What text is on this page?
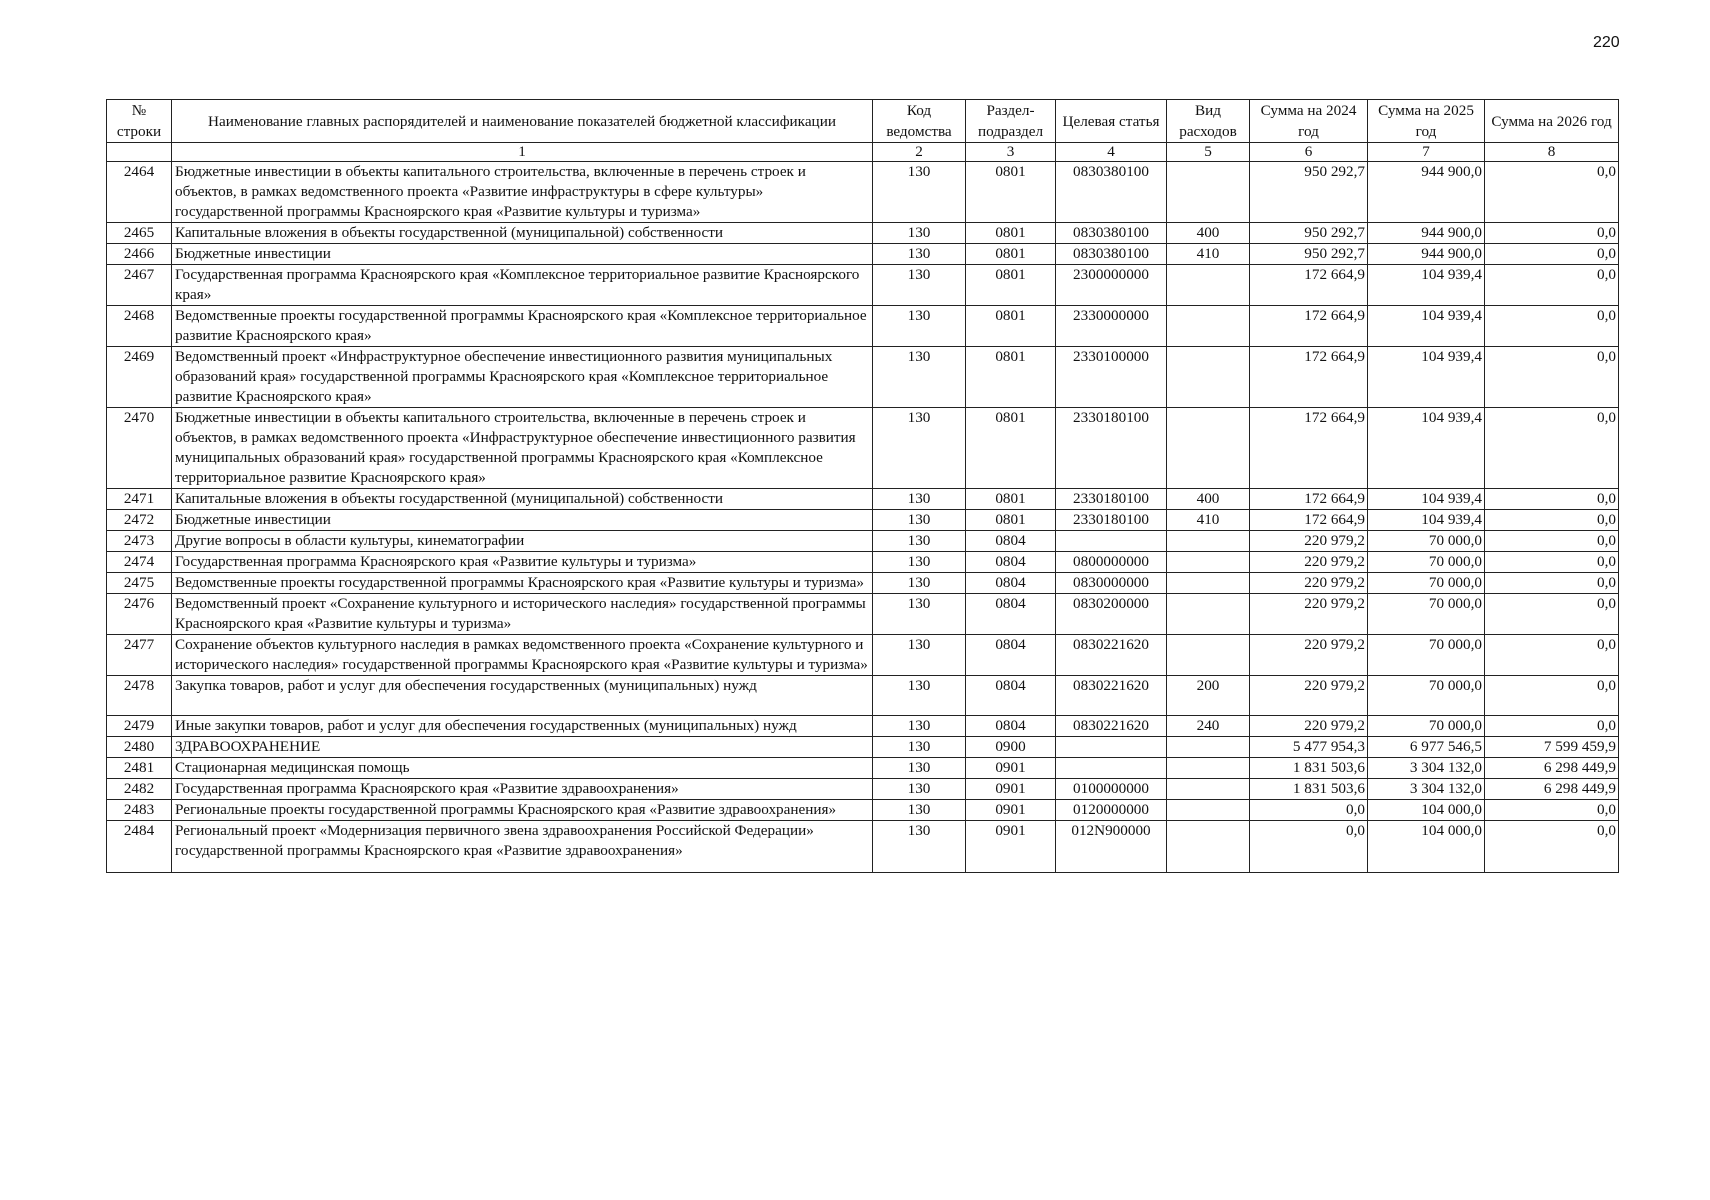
220
№ строки	Наименование главных распорядителей и наименование показателей бюджетной классификации	Код ведомства	Раздел-подраздел	Целевая статья	Вид расходов	Сумма на 2024 год	Сумма на 2025 год	Сумма на 2026 год
	1	2	3	4	5	6	7	8
2464	Бюджетные инвестиции в объекты капитального строительства, включенные в перечень строек и объектов, в рамках ведомственного проекта «Развитие инфраструктуры в сфере культуры» государственной программы Красноярского края «Развитие культуры и туризма»	130	0801	0830380100		950 292,7	944 900,0	0,0
2465	Капитальные вложения в объекты государственной (муниципальной) собственности	130	0801	0830380100	400	950 292,7	944 900,0	0,0
2466	Бюджетные инвестиции	130	0801	0830380100	410	950 292,7	944 900,0	0,0
2467	Государственная программа Красноярского края «Комплексное территориальное развитие Красноярского края»	130	0801	2300000000		172 664,9	104 939,4	0,0
2468	Ведомственные проекты государственной программы Красноярского края «Комплексное территориальное развитие Красноярского края»	130	0801	2330000000		172 664,9	104 939,4	0,0
2469	Ведомственный проект «Инфраструктурное обеспечение инвестиционного развития муниципальных образований края» государственной программы Красноярского края «Комплексное территориальное развитие Красноярского края»	130	0801	2330100000		172 664,9	104 939,4	0,0
2470	Бюджетные инвестиции в объекты капитального строительства, включенные в перечень строек и объектов, в рамках ведомственного проекта «Инфраструктурное обеспечение инвестиционного развития муниципальных образований края» государственной программы Красноярского края «Комплексное территориальное развитие Красноярского края»	130	0801	2330180100		172 664,9	104 939,4	0,0
2471	Капитальные вложения в объекты государственной (муниципальной) собственности	130	0801	2330180100	400	172 664,9	104 939,4	0,0
2472	Бюджетные инвестиции	130	0801	2330180100	410	172 664,9	104 939,4	0,0
2473	Другие вопросы в области культуры, кинематографии	130	0804			220 979,2	70 000,0	0,0
2474	Государственная программа Красноярского края «Развитие культуры и туризма»	130	0804	0800000000		220 979,2	70 000,0	0,0
2475	Ведомственные проекты государственной программы Красноярского края «Развитие культуры и туризма»	130	0804	0830000000		220 979,2	70 000,0	0,0
2476	Ведомственный проект «Сохранение культурного и исторического наследия» государственной программы Красноярского края «Развитие культуры и туризма»	130	0804	0830200000		220 979,2	70 000,0	0,0
2477	Сохранение объектов культурного наследия в рамках ведомственного проекта «Сохранение культурного и исторического наследия» государственной программы Красноярского края «Развитие культуры и туризма»	130	0804	0830221620		220 979,2	70 000,0	0,0
2478	Закупка товаров, работ и услуг для обеспечения государственных (муниципальных) нужд	130	0804	0830221620	200	220 979,2	70 000,0	0,0
2479	Иные закупки товаров, работ и услуг для обеспечения государственных (муниципальных) нужд	130	0804	0830221620	240	220 979,2	70 000,0	0,0
2480	ЗДРАВООХРАНЕНИЕ	130	0900			5 477 954,3	6 977 546,5	7 599 459,9
2481	Стационарная медицинская помощь	130	0901			1 831 503,6	3 304 132,0	6 298 449,9
2482	Государственная программа Красноярского края «Развитие здравоохранения»	130	0901	0100000000		1 831 503,6	3 304 132,0	6 298 449,9
2483	Региональные проекты государственной программы Красноярского края «Развитие здравоохранения»	130	0901	0120000000		0,0	104 000,0	0,0
2484	Региональный проект «Модернизация первичного звена здравоохранения Российской Федерации» государственной программы Красноярского края «Развитие здравоохранения»	130	0901	012N900000		0,0	104 000,0	0,0
